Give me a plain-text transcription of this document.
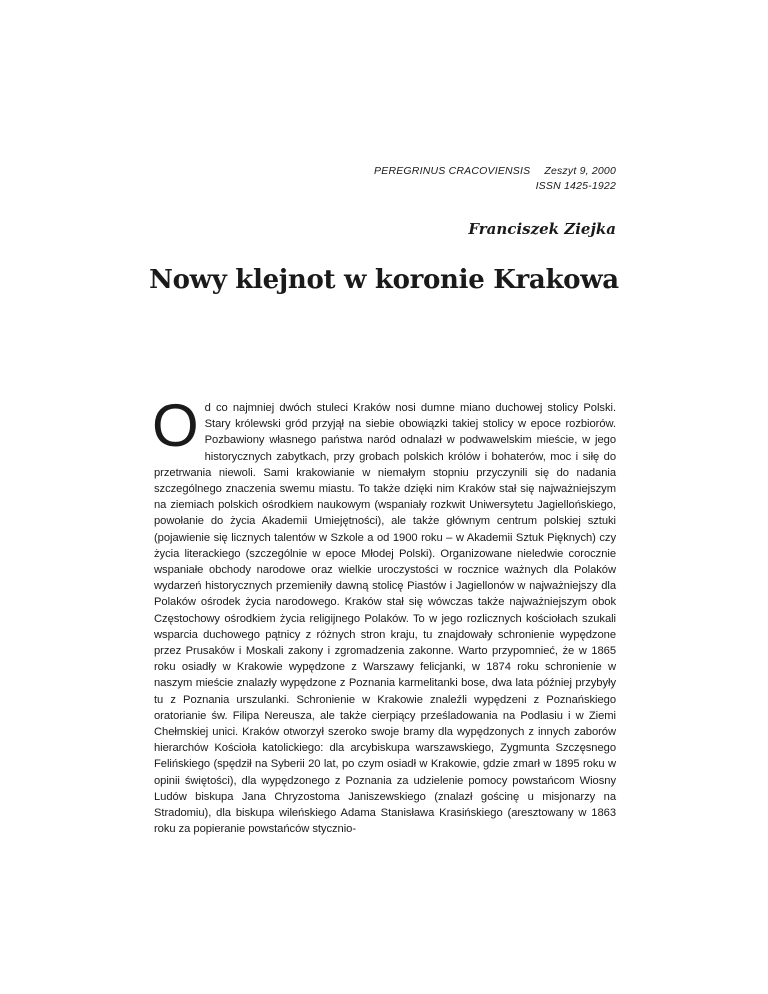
PEREGRINUS CRACOVIENSIS Zeszyt 9, 2000
ISSN 1425-1922
Franciszek Ziejka
Nowy klejnot w koronie Krakowa
O d co najmniej dwóch stuleci Kraków nosi dumne miano duchowej stolicy Polski. Stary królewski gród przyjął na siebie obowiązki takiej stolicy w epoce rozbiorów. Pozbawiony własnego państwa naród odnalazł w podwawelskim mieście, w jego historycznych zabytkach, przy grobach polskich królów i bohaterów, moc i siłę do przetrwania niewoli. Sami krakowianie w niemałym stopniu przyczynili się do nadania szczególnego znaczenia swemu miastu. To także dzięki nim Kraków stał się najważniejszym na ziemiach polskich ośrodkiem naukowym (wspaniały rozkwit Uniwersytetu Jagiellońskiego, powołanie do życia Akademii Umiejętności), ale także głównym centrum polskiej sztuki (pojawienie się licznych talentów w Szkole a od 1900 roku – w Akademii Sztuk Pięknych) czy życia literackiego (szczególnie w epoce Młodej Polski). Organizowane nieledwie corocznie wspaniałe obchody narodowe oraz wielkie uroczystości w rocznice ważnych dla Polaków wydarzeń historycznych przemieniły dawną stolicę Piastów i Jagiellonów w najważniejszy dla Polaków ośrodek życia narodowego. Kraków stał się wówczas także najważniejszym obok Częstochowy ośrodkiem życia religijnego Polaków. To w jego rozlicznych kościołach szukali wsparcia duchowego pątnicy z różnych stron kraju, tu znajdowały schronienie wypędzone przez Prusaków i Moskali zakony i zgromadzenia zakonne. Warto przypomnieć, że w 1865 roku osiadły w Krakowie wypędzone z Warszawy felicjanki, w 1874 roku schronienie w naszym mieście znalazły wypędzone z Poznania karmelitanki bose, dwa lata później przybyły tu z Poznania urszulanki. Schronienie w Krakowie znaleźli wypędzeni z Poznańskiego oratorianie św. Filipa Nereusza, ale także cierpiący prześladowania na Podlasiu i w Ziemi Chełmskiej unici. Kraków otworzył szeroko swoje bramy dla wypędzonych z innych zaborów hierarchów Kościoła katolickiego: dla arcybiskupa warszawskiego, Zygmunta Szczęsnego Felińskiego (spędził na Syberii 20 lat, po czym osiadł w Krakowie, gdzie zmarł w 1895 roku w opinii świętości), dla wypędzonego z Poznania za udzielenie pomocy powstańcom Wiosny Ludów biskupa Jana Chryzostoma Janiszewskiego (znalazł gościnę u misjonarzy na Stradomiu), dla biskupa wileńskiego Adama Stanisława Krasińskiego (aresztowany w 1863 roku za popieranie powstańców stycznio-
